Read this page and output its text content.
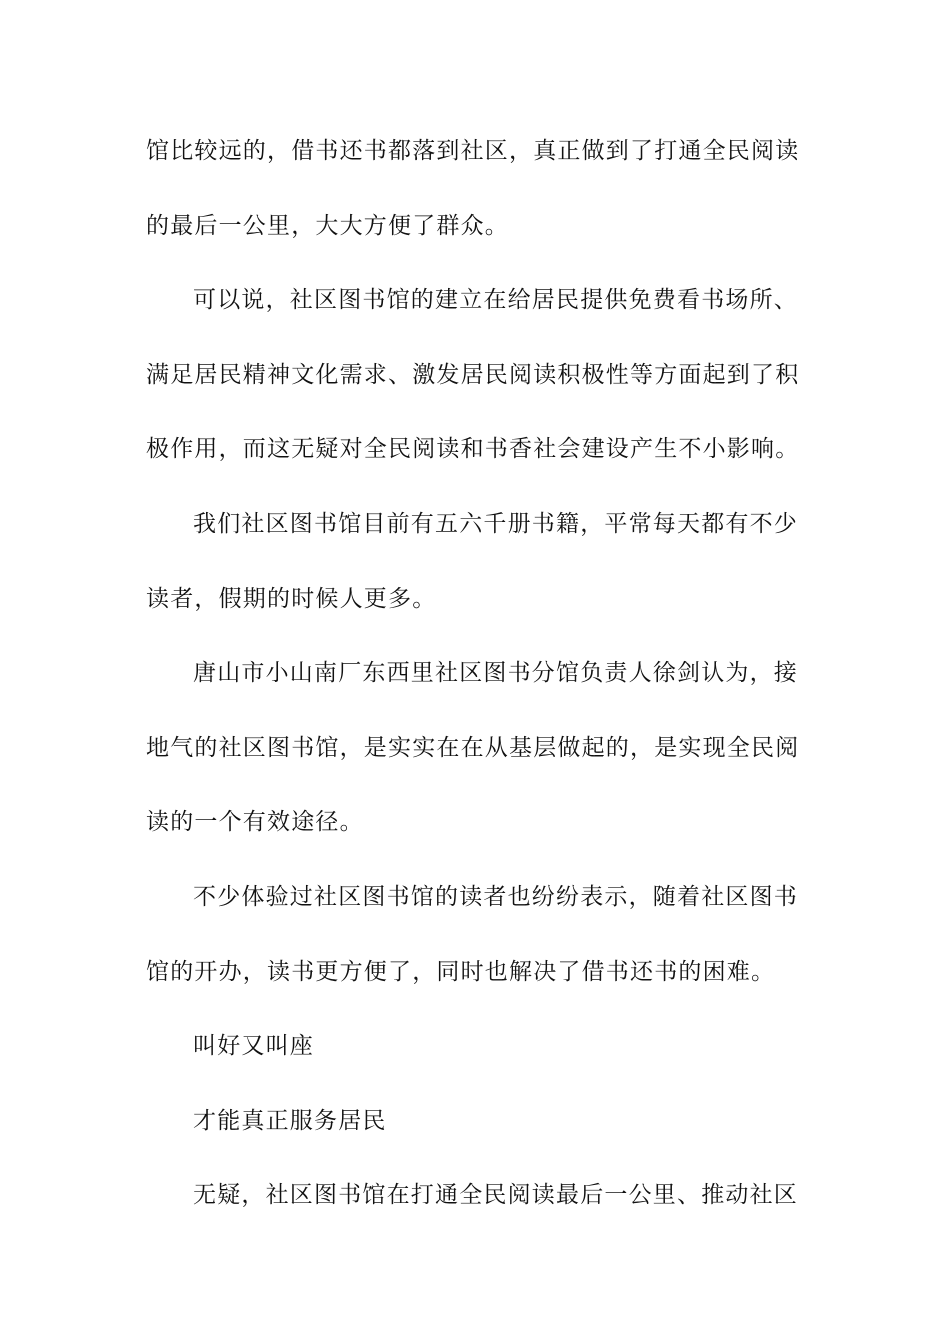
馆比较远的，借书还书都落到社区，真正做到了打通全民阅读
的最后一公里，大大方便了群众。
可以说，社区图书馆的建立在给居民提供免费看书场所、
满足居民精神文化需求、激发居民阅读积极性等方面起到了积
极作用，而这无疑对全民阅读和书香社会建设产生不小影响。
我们社区图书馆目前有五六千册书籍，平常每天都有不少
读者，假期的时候人更多。
唐山市小山南厂东西里社区图书分馆负责人徐剑认为，接
地气的社区图书馆，是实实在在从基层做起的，是实现全民阅
读的一个有效途径。
不少体验过社区图书馆的读者也纷纷表示，随着社区图书
馆的开办，读书更方便了，同时也解决了借书还书的困难。
叫好又叫座
才能真正服务居民
无疑，社区图书馆在打通全民阅读最后一公里、推动社区
